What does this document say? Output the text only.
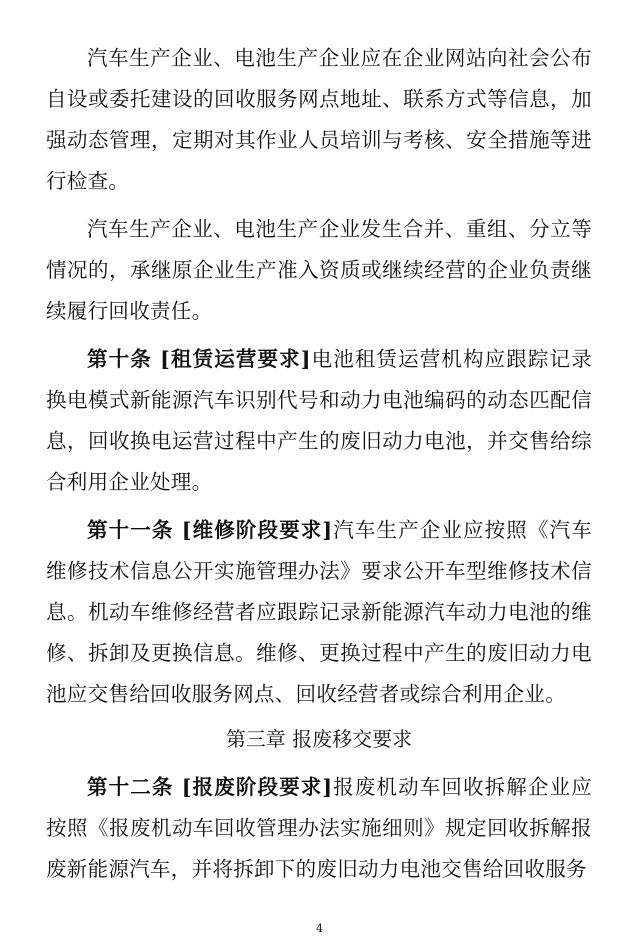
汽车生产企业、电池生产企业应在企业网站向社会公布自设或委托建设的回收服务网点地址、联系方式等信息，加强动态管理，定期对其作业人员培训与考核、安全措施等进行检查。

汽车生产企业、电池生产企业发生合并、重组、分立等情况的，承继原企业生产准入资质或继续经营的企业负责继续履行回收责任。

第十条 [租赁运营要求]电池租赁运营机构应跟踪记录换电模式新能源汽车识别代号和动力电池编码的动态匹配信息，回收换电运营过程中产生的废旧动力电池，并交售给综合利用企业处理。

第十一条 [维修阶段要求]汽车生产企业应按照《汽车维修技术信息公开实施管理办法》要求公开车型维修技术信息。机动车维修经营者应跟踪记录新能源汽车动力电池的维修、拆卸及更换信息。维修、更换过程中产生的废旧动力电池应交售给回收服务网点、回收经营者或综合利用企业。

第三章 报废移交要求

第十二条 [报废阶段要求]报废机动车回收拆解企业应按照《报废机动车回收管理办法实施细则》规定回收拆解报废新能源汽车，并将拆卸下的废旧动力电池交售给回收服务

4
